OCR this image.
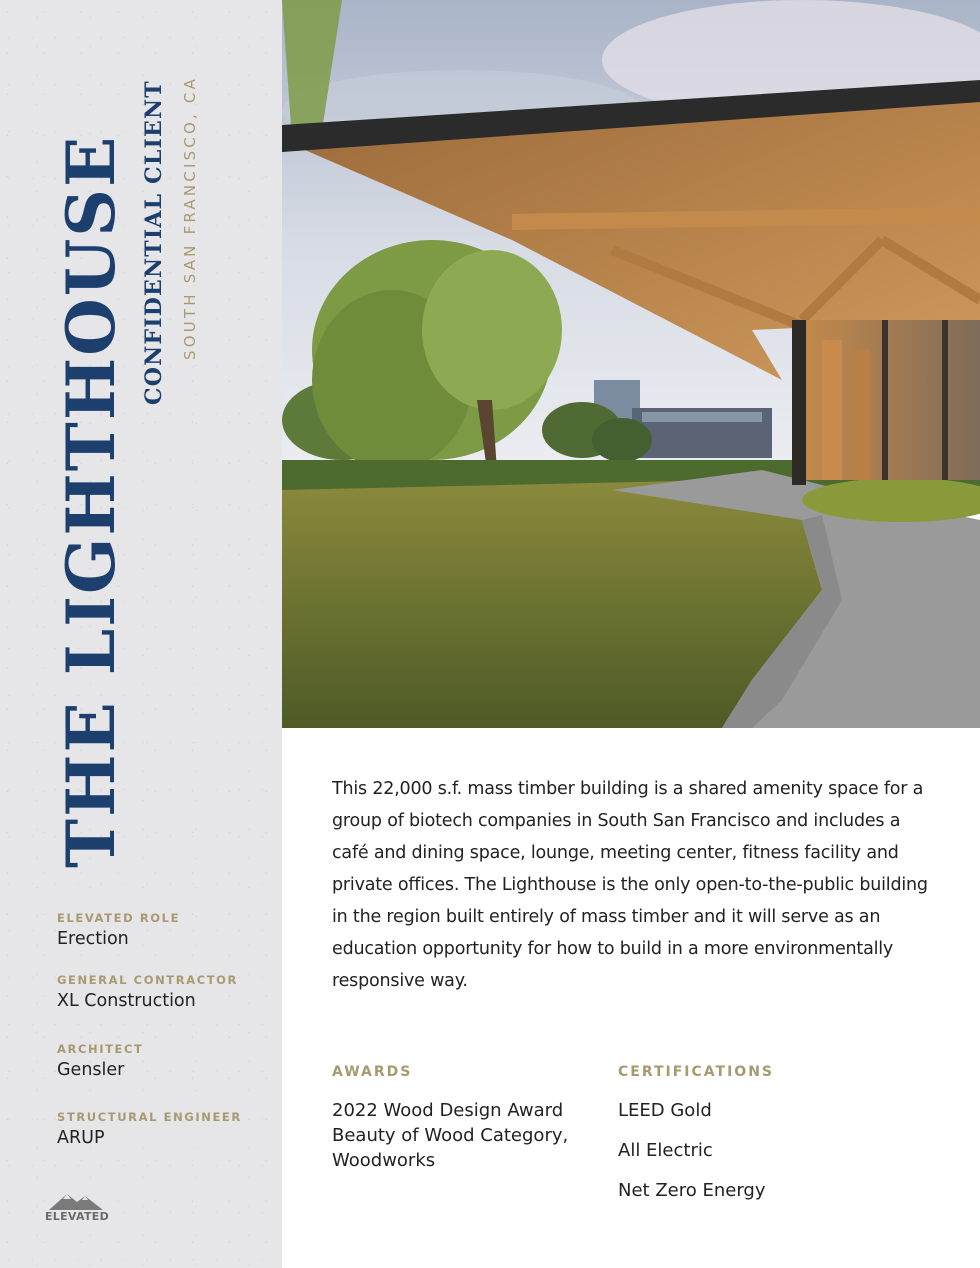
THE LIGHTHOUSE CONFIDENTIAL CLIENT SOUTH SAN FRANCISCO, CA
ELEVATED ROLE
Erection
GENERAL CONTRACTOR
XL Construction
ARCHITECT
Gensler
STRUCTURAL ENGINEER
ARUP
ELEVATED

This 22,000 s.f. mass timber building is a shared amenity space for a group of biotech companies in South San Francisco and includes a café and dining space, lounge, meeting center, fitness facility and private offices. The Lighthouse is the only open-to-the-public building in the region built entirely of mass timber and it will serve as an education opportunity for how to build in a more environmentally responsive way.

AWARDS
2022 Wood Design Award Beauty of Wood Category, Woodworks
CERTIFICATIONS
LEED Gold
All Electric
Net Zero Energy
